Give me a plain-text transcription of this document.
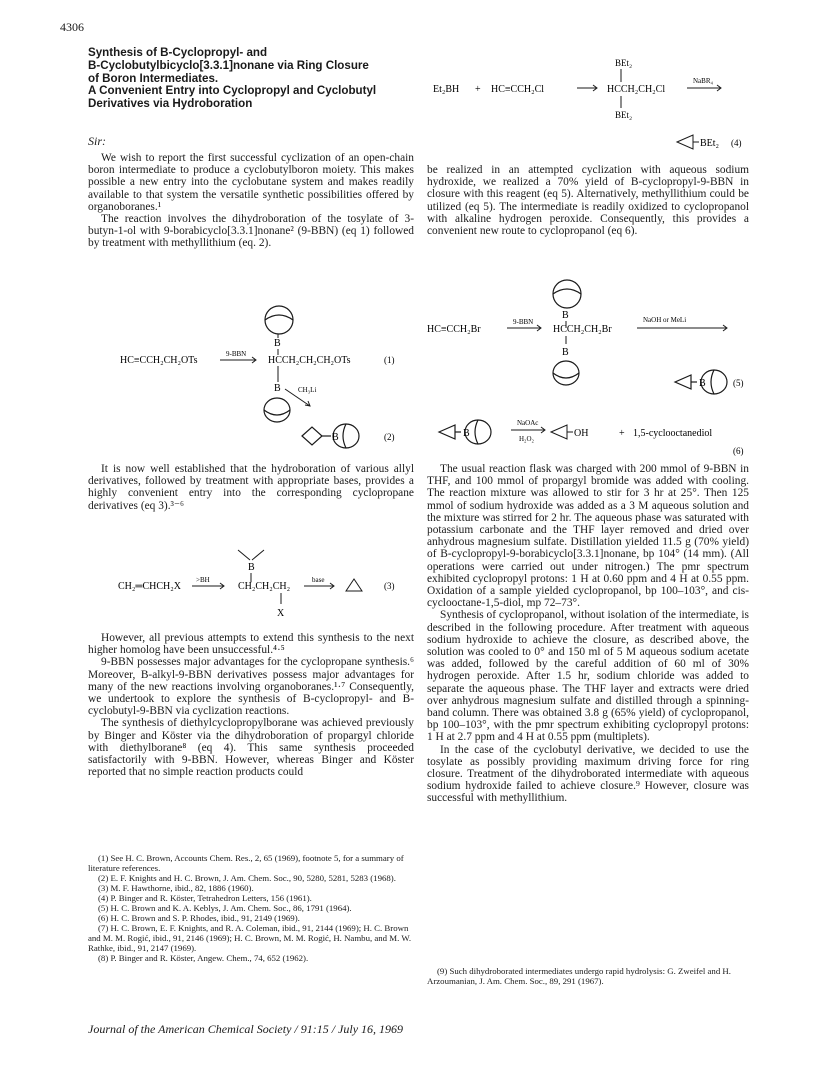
4306
Synthesis of B-Cyclopropyl- and
B-Cyclobutylbicyclo[3.3.1]nonane via Ring Closure
of Boron Intermediates.
A Convenient Entry into Cyclopropyl and Cyclobutyl
Derivatives via Hydroboration
Sir:

We wish to report the first successful cyclization of an open-chain boron intermediate to produce a cyclobutylboron moiety. This makes possible a new entry into the cyclobutane system and makes readily available to that system the versatile synthetic possibilities offered by organoboranes.¹

The reaction involves the dihydroboration of the tosylate of 3-butyn-1-ol with 9-borabicyclo[3.3.1]nonane² (9-BBN) (eq 1) followed by treatment with methyllithium (eq. 2).

B
HC≡CCH₂CH₂OTs
9-BBN
HCCH₂CH₂CH₂OTs	(1)
B CH₃Li
B	(2)

It is now well established that the hydroboration of various allyl derivatives, followed by treatment with appropriate bases, provides a highly convenient entry into the corresponding cyclopropane derivatives (eq 3).³⁻⁶

B
CH₂═CHCH₂X
>BH
CH₂CH₂CH₂
base
(3)
X

However, all previous attempts to extend this synthesis to the next higher homolog have been unsuccessful.⁴·⁵

9-BBN possesses major advantages for the cyclopropane synthesis.⁶ Moreover, B-alkyl-9-BBN derivatives possess major advantages for many of the new reactions involving organoboranes.¹·⁷ Consequently, we undertook to explore the synthesis of B-cyclopropyl- and B-cyclobutyl-9-BBN via cyclization reactions.

The synthesis of diethylcyclopropylborane was achieved previously by Binger and Köster via the dihydroboration of propargyl chloride with diethylborane⁸ (eq 4). This same synthesis proceeded satisfactorily with 9-BBN. However, whereas Binger and Köster reported that no simple reaction products could

(1) See H. C. Brown, Accounts Chem. Res., 2, 65 (1969), footnote 5, for a summary of literature references.

(2) E. F. Knights and H. C. Brown, J. Am. Chem. Soc., 90, 5280, 5281, 5283 (1968).

(3) M. F. Hawthorne, ibid., 82, 1886 (1960).

(4) P. Binger and R. Köster, Tetrahedron Letters, 156 (1961).

(5) H. C. Brown and K. A. Keblys, J. Am. Chem. Soc., 86, 1791 (1964).

(6) H. C. Brown and S. P. Rhodes, ibid., 91, 2149 (1969).

(7) H. C. Brown, E. F. Knights, and R. A. Coleman, ibid., 91, 2144 (1969); H. C. Brown and M. M. Rogić, ibid., 91, 2146 (1969); H. C. Brown, M. M. Rogić, H. Nambu, and M. W. Rathke, ibid., 91, 2147 (1969).

(8) P. Binger and R. Köster, Angew. Chem., 74, 652 (1962).

BEt₂
Et₂BH + HC≡CCH₂Cl	HCCH₂CH₂Cl
NaBR₄
BEt₂
BEt₂ (4)

be realized in an attempted cyclization with aqueous sodium hydroxide, we realized a 70% yield of B-cyclopropyl-9-BBN in closure with this reagent (eq 5). Alternatively, methyllithium could be utilized (eq 5). The intermediate is readily oxidized to cyclopropanol with alkaline hydrogen peroxide. Consequently, this provides a convenient new route to cyclopropanol (eq 6).

B
HC≡CCH₂Br
9-BBN
HCCH₂CH₂Br
NaOH or MeLi
B
B	(5)
B
NaOAc
H₂O₂	OH	+ 1,5-cyclooctanediol
(6)

The usual reaction flask was charged with 200 mmol of 9-BBN in THF, and 100 mmol of propargyl bromide was added with cooling. The reaction mixture was allowed to stir for 3 hr at 25°. Then 125 mmol of sodium hydroxide was added as a 3 M aqueous solution and the mixture was stirred for 2 hr. The aqueous phase was saturated with potassium carbonate and the THF layer removed and dried over anhydrous magnesium sulfate. Distillation yielded 11.5 g (70% yield) of B-cyclopropyl-9-borabicyclo[3.3.1]nonane, bp 104° (14 mm). (All operations were carried out under nitrogen.) The pmr spectrum exhibited cyclopropyl protons: 1 H at 0.60 ppm and 4 H at 0.55 ppm. Oxidation of a sample yielded cyclopropanol, bp 100–103°, and cis-cyclooctane-1,5-diol, mp 72–73°.

Synthesis of cyclopropanol, without isolation of the intermediate, is described in the following procedure. After treatment with aqueous sodium hydroxide to achieve the closure, as described above, the solution was cooled to 0° and 150 ml of 5 M aqueous sodium acetate was added, followed by the careful addition of 60 ml of 30% hydrogen peroxide. After 1.5 hr, sodium chloride was added to separate the aqueous phase. The THF layer and extracts were dried over anhydrous magnesium sulfate and distilled through a spinning-band column. There was obtained 3.8 g (65% yield) of cyclopropanol, bp 100–103°, with the pmr spectrum exhibiting cyclopropyl protons: 1 H at 2.7 ppm and 4 H at 0.55 ppm (multiplets).

In the case of the cyclobutyl derivative, we decided to use the tosylate as possibly providing maximum driving force for ring closure. Treatment of the dihydroborated intermediate with aqueous sodium hydroxide failed to achieve closure.⁹ However, closure was successful with methyllithium.

(9) Such dihydroborated intermediates undergo rapid hydrolysis: G. Zweifel and H. Arzoumanian, J. Am. Chem. Soc., 89, 291 (1967).

Journal of the American Chemical Society / 91:15 / July 16, 1969
